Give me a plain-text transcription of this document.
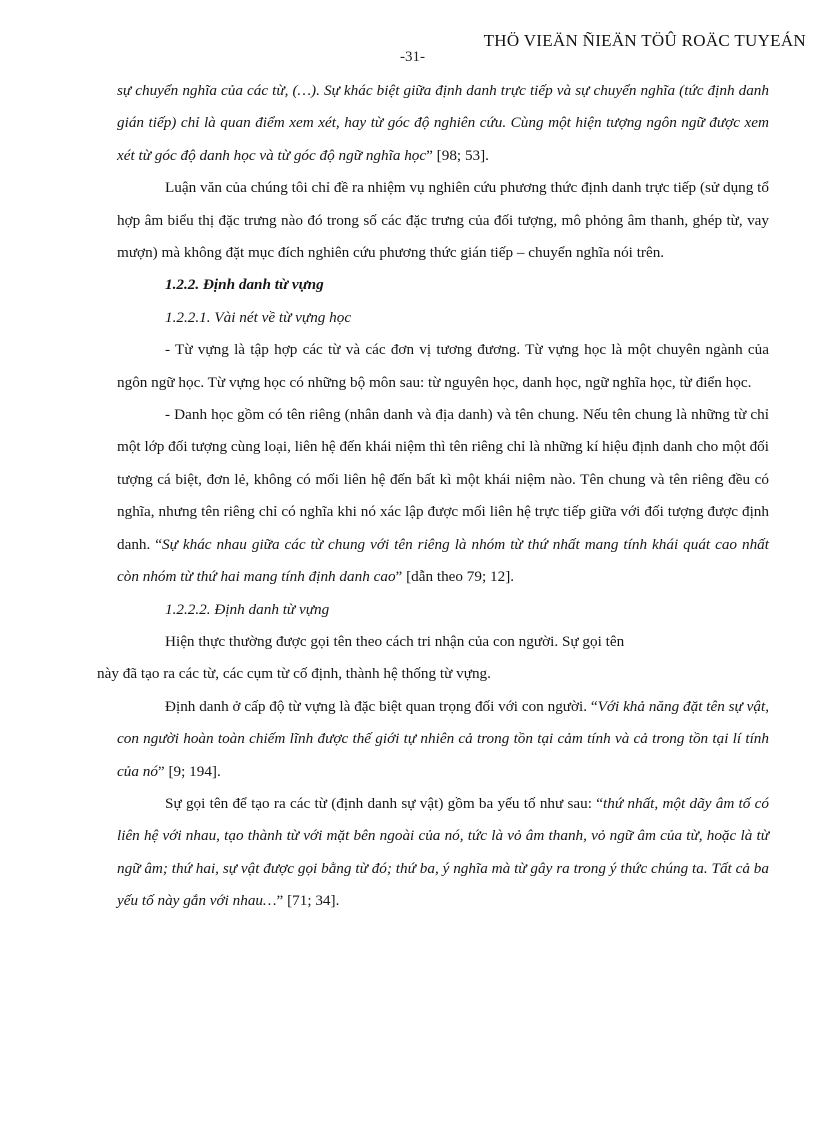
THÖ VIEÄN ÑIEÄN TÖÛ ROÄC TUYEÁN
-31-

sự chuyển nghĩa của các từ, (…). Sự khác biệt giữa định danh trực tiếp và sự chuyển nghĩa (tức định danh gián tiếp) chỉ là quan điểm xem xét, hay từ góc độ nghiên cứu. Cùng một hiện tượng ngôn ngữ được xem xét từ góc độ danh học và từ góc độ ngữ nghĩa học” [98; 53].

Luận văn của chúng tôi chỉ đề ra nhiệm vụ nghiên cứu phương thức định danh trực tiếp (sử dụng tổ hợp âm biểu thị đặc trưng nào đó trong số các đặc trưng của đối tượng, mô phỏng âm thanh, ghép từ, vay mượn) mà không đặt mục đích nghiên cứu phương thức gián tiếp – chuyển nghĩa nói trên.

1.2.2. Định danh từ vựng

1.2.2.1. Vài nét về từ vựng học

- Từ vựng là tập hợp các từ và các đơn vị tương đương. Từ vựng học là một chuyên ngành của ngôn ngữ học. Từ vựng học có những bộ môn sau: từ nguyên học, danh học, ngữ nghĩa học, từ điển học.

- Danh học gồm có tên riêng (nhân danh và địa danh) và tên chung. Nếu tên chung là những từ chỉ một lớp đối tượng cùng loại, liên hệ đến khái niệm thì tên riêng chỉ là những kí hiệu định danh cho một đối tượng cá biệt, đơn lẻ, không có mối liên hệ đến bất kì một khái niệm nào. Tên chung và tên riêng đều có nghĩa, nhưng tên riêng chỉ có nghĩa khi nó xác lập được mối liên hệ trực tiếp giữa với đối tượng được định danh. “Sự khác nhau giữa các từ chung với tên riêng là nhóm từ thứ nhất mang tính khái quát cao nhất còn nhóm từ thứ hai mang tính định danh cao” [dẫn theo 79; 12].

1.2.2.2. Định danh từ vựng

Hiện thực thường được gọi tên theo cách tri nhận của con người. Sự gọi tên

này đã tạo ra các từ, các cụm từ cố định, thành hệ thống từ vựng.

Định danh ở cấp độ từ vựng là đặc biệt quan trọng đối với con người. “Với khả năng đặt tên sự vật, con người hoàn toàn chiếm lĩnh được thế giới tự nhiên cả trong tồn tại cảm tính và cả trong tồn tại lí tính của nó” [9; 194].

Sự gọi tên để tạo ra các từ (định danh sự vật) gồm ba yếu tố như sau: “thứ nhất, một dãy âm tố có liên hệ với nhau, tạo thành từ với mặt bên ngoài của nó, tức là vỏ âm thanh, vỏ ngữ âm của từ, hoặc là từ ngữ âm; thứ hai, sự vật được gọi bằng từ đó; thứ ba, ý nghĩa mà từ gây ra trong ý thức chúng ta. Tất cả ba yếu tố này gắn với nhau…” [71; 34].
